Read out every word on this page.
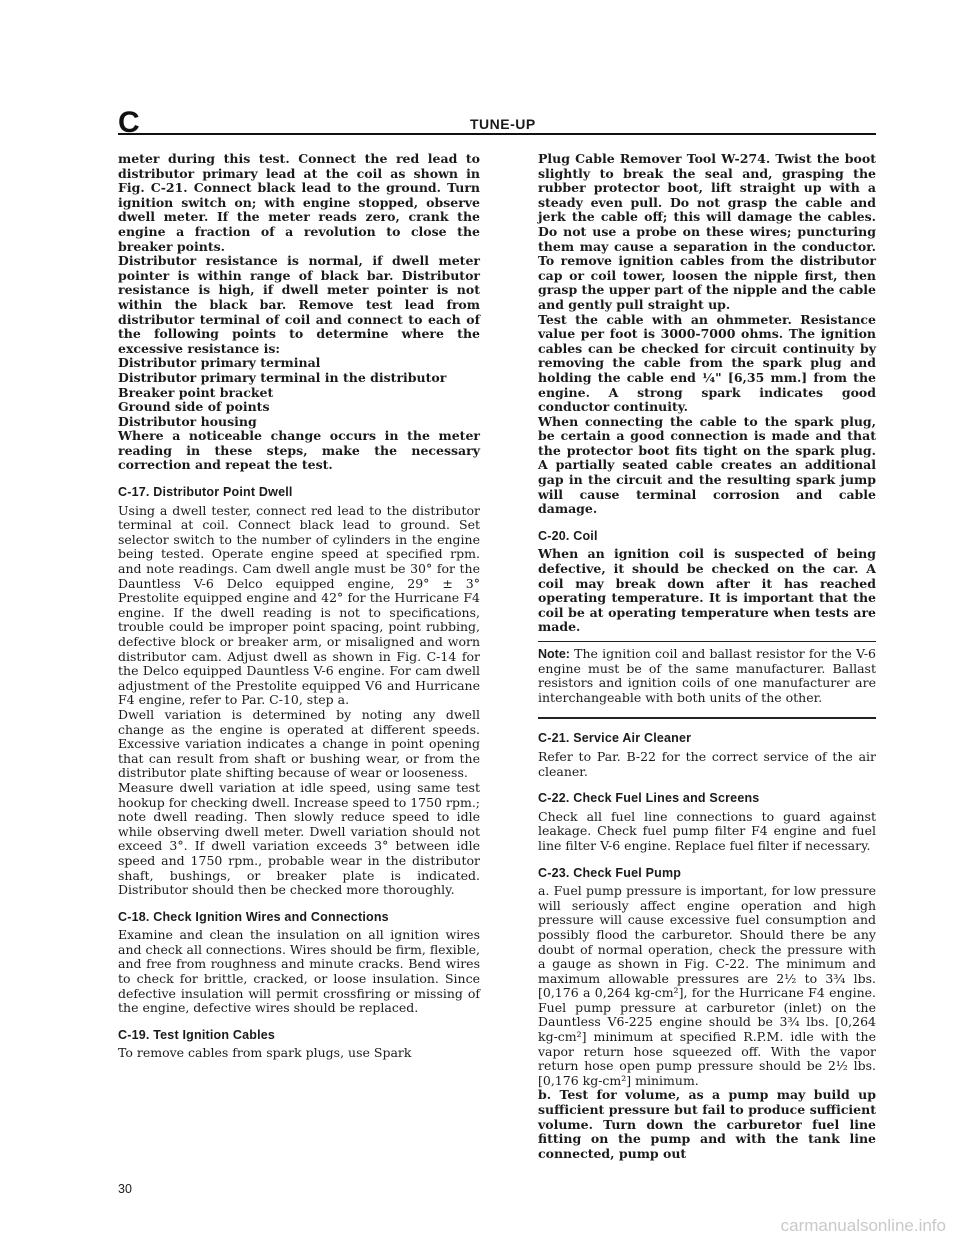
C	TUNE-UP

meter during this test. Connect the red lead to distributor primary lead at the coil as shown in Fig. C-21. Connect black lead to the ground. Turn ignition switch on; with engine stopped, observe dwell meter. If the meter reads zero, crank the engine a fraction of a revolution to close the breaker points.

Distributor resistance is normal, if dwell meter pointer is within range of black bar. Distributor resistance is high, if dwell meter pointer is not within the black bar. Remove test lead from distributor terminal of coil and connect to each of the following points to determine where the excessive resistance is:

Distributor primary terminal
Distributor primary terminal in the distributor
Breaker point bracket
Ground side of points
Distributor housing

Where a noticeable change occurs in the meter reading in these steps, make the necessary correction and repeat the test.

C-17. Distributor Point Dwell

Using a dwell tester, connect red lead to the distributor terminal at coil. Connect black lead to ground. Set selector switch to the number of cylinders in the engine being tested. Operate engine speed at specified rpm. and note readings. Cam dwell angle must be 30° for the Dauntless V-6 Delco equipped engine, 29° ± 3° Prestolite equipped engine and 42° for the Hurricane F4 engine. If the dwell reading is not to specifications, trouble could be improper point spacing, point rubbing, defective block or breaker arm, or misaligned and worn distributor cam. Adjust dwell as shown in Fig. C-14 for the Delco equipped Dauntless V-6 engine. For cam dwell adjustment of the Prestolite equipped V6 and Hurricane F4 engine, refer to Par. C-10, step a.

Dwell variation is determined by noting any dwell change as the engine is operated at different speeds. Excessive variation indicates a change in point opening that can result from shaft or bushing wear, or from the distributor plate shifting because of wear or looseness.

Measure dwell variation at idle speed, using same test hookup for checking dwell. Increase speed to 1750 rpm.; note dwell reading. Then slowly reduce speed to idle while observing dwell meter. Dwell variation should not exceed 3°. If dwell variation exceeds 3° between idle speed and 1750 rpm., probable wear in the distributor shaft, bushings, or breaker plate is indicated. Distributor should then be checked more thoroughly.

C-18. Check Ignition Wires and Connections

Examine and clean the insulation on all ignition wires and check all connections. Wires should be firm, flexible, and free from roughness and minute cracks. Bend wires to check for brittle, cracked, or loose insulation. Since defective insulation will permit crossfiring or missing of the engine, defective wires should be replaced.

C-19. Test Ignition Cables

To remove cables from spark plugs, use Spark

Plug Cable Remover Tool W-274. Twist the boot slightly to break the seal and, grasping the rubber protector boot, lift straight up with a steady even pull. Do not grasp the cable and jerk the cable off; this will damage the cables. Do not use a probe on these wires; puncturing them may cause a separation in the conductor. To remove ignition cables from the distributor cap or coil tower, loosen the nipple first, then grasp the upper part of the nipple and the cable and gently pull straight up.

Test the cable with an ohmmeter. Resistance value per foot is 3000-7000 ohms. The ignition cables can be checked for circuit continuity by removing the cable from the spark plug and holding the cable end ¼" [6,35 mm.] from the engine. A strong spark indicates good conductor continuity.

When connecting the cable to the spark plug, be certain a good connection is made and that the protector boot fits tight on the spark plug. A partially seated cable creates an additional gap in the circuit and the resulting spark jump will cause terminal corrosion and cable damage.

C-20. Coil

When an ignition coil is suspected of being defective, it should be checked on the car. A coil may break down after it has reached operating temperature. It is important that the coil be at operating temperature when tests are made.

Note: The ignition coil and ballast resistor for the V-6 engine must be of the same manufacturer. Ballast resistors and ignition coils of one manufacturer are interchangeable with both units of the other.

C-21. Service Air Cleaner

Refer to Par. B-22 for the correct service of the air cleaner.

C-22. Check Fuel Lines and Screens

Check all fuel line connections to guard against leakage. Check fuel pump filter F4 engine and fuel line filter V-6 engine. Replace fuel filter if necessary.

C-23. Check Fuel Pump

a. Fuel pump pressure is important, for low pressure will seriously affect engine operation and high pressure will cause excessive fuel consumption and possibly flood the carburetor. Should there be any doubt of normal operation, check the pressure with a gauge as shown in Fig. C-22. The minimum and maximum allowable pressures are 2½ to 3¾ lbs. [0,176 a 0,264 kg-cm²], for the Hurricane F4 engine. Fuel pump pressure at carburetor (inlet) on the Dauntless V6-225 engine should be 3¾ lbs. [0,264 kg-cm²] minimum at specified R.P.M. idle with the vapor return hose squeezed off. With the vapor return hose open pump pressure should be 2½ lbs. [0,176 kg-cm²] minimum.

b. Test for volume, as a pump may build up sufficient pressure but fail to produce sufficient volume. Turn down the carburetor fuel line fitting on the pump and with the tank line connected, pump out

30
carmanualsonline.info
